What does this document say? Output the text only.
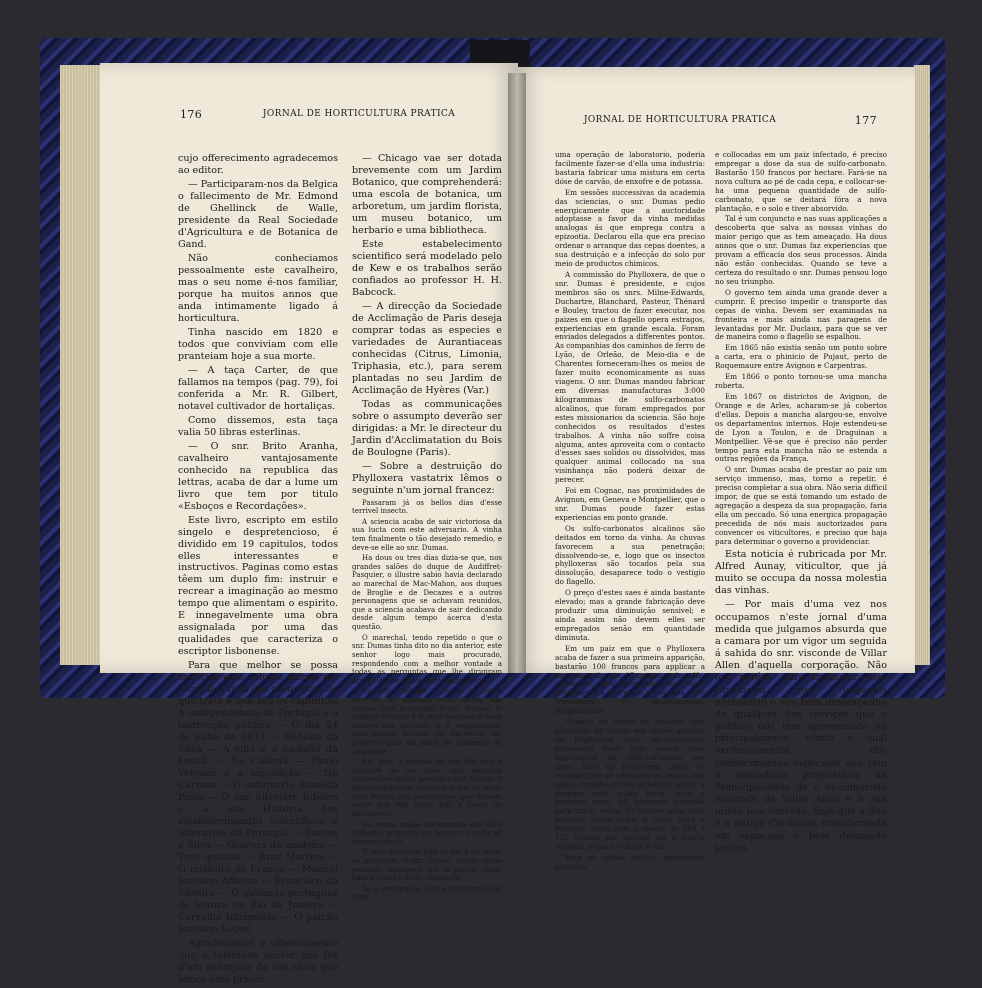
176	JORNAL DE HORTICULTURA PRATICA

cujo offerecimento agradecemos ao editor.

— Participaram-nos da Belgica o fallecimento de Mr. Edmond de Ghellinck de Walle, presidente da Real Sociedade d'Agricultura e de Botanica de Gand.

Não conheciamos pessoalmente este cavalheiro, mas o seu nome é-nos familiar, porque ha muitos annos que anda intimamente ligado á horticultura.

Tinha nascido em 1820 e todos que conviviam com elle pranteiam hoje a sua morte.

— A taça Carter, de que fallamos na tempos (pag. 79), foi conferida a Mr. R. Gilbert, notavel cultivador de hortaliças.

Como dissemos, esta taça valia 50 libras esterlinas.

— O snr. Brito Aranha, cavalheiro vantajosamente conhecido na republica das lettras, acaba de dar a lume um livro que tem por titulo «Esboços e Recordações».

Este livro, escripto em estilo singelo e despretencioso, é dividido em 19 capitulos, todos elles interessantes e instructivos. Paginas como estas têem um duplo fim: instruir e recrear a imaginação ao mesmo tempo que alimentam o espirito. E innegavelmente uma obra assignalada por uma das qualidades que caracteriza o escriptor lisbonense.

Para que melhor se possa apreciar este volume damos em seguida a lista dos assumptos de que trata e que são os capitulos: A independencia de Portugal e a instrucção publica — O dia 24 de julho de 1833 — Rebello da Silva — A villa e o castello da Louzã — Na Collegã — Paulo Veronez e a inquisição — No Cartaxo — O antiquario Almeida Pinto — O snr. Silvestre Ribeiro e a sua Historia dos estabelecimentos scientificos e litterarios de Portugal — Santos e Silva — Gravura de madeira — Tres quintas — Braz Martins — O instituto de França — Manoel Joaquim Affonso — Francisco da Silveira — O gabinete portuguez de leitura no Rio de Janeiro — Carvalho Intriguista — O patrão Joaquim Lopes.

Agradecemos o offerecimento que o talentoso auctor nos fez d'um exemplar da sua obra que lemos com prazer.

— Chicago vae ser dotada brevemente com um Jardim Botanico, que comprehenderá: uma escola de botanica, um arboretum, um jardim florista, um museu botanico, um herbario e uma bibliotheca.

Este estabelecimento scientifico será modelado pelo de Kew e os trabalhos serão confiados ao professor H. H. Babcock.

— A direcção da Sociedade de Acclimação de Paris deseja comprar todas as especies e variedades de Aurantiaceas conhecidas (Citrus, Limonia, Triphasia, etc.), para serem plantadas no seu Jardim de Acclimação de Hyères (Var.)

Todas as communicações sobre o assumpto deverão ser dirigidas: a Mr. le directeur du Jardin d'Acclimatation du Bois de Boulogne (Paris).

— Sobre a destruição do Phylloxera vastatrix lêmos o seguinte n'um jornal francez:

Passaram já os bellos dias d'esse terrivel insecto.

A sciencia acaba de sair victoriosa da sua lucta com este adversario. A vinha tem finalmente o tão desejado remedio, e deve-se elle ao snr. Dumas.

Ha dous ou tres dias dizia-se que, nos grandes salões do duque de Audiffret-Pasquier, o illustre sabio havia declarado ao marechal de Mac-Mahon, aos duques de Broglie e de Decazes e a outros personagens que se achavam reunidos, que a sciencia acabava de sair dedicando desde algum tempo ácerca d'esta questão.

O marechal, tendo repetido o que o snr. Dumas tinha dito no dia anterior, este senhor logo mais procurado, respondendo com a melhor vontade a todas as perguntas que lhe dirigiram ácerca d'este interessante assumpto.

Eu teria faltado a todos os meus deveres, se, sabendo estes factos, não tivesse logo procurado o snr. Dumas. O celebre chimico é o mais bondoso e mais amavel dos mortaes, e é seguramente uma grande fortuna não encontrar um pretexto para lhe pedir um momento de audiencia.

Eis, pois, o resumo do que elle teve a bondade de me dizer, com algumas correcções locais, porque o snr. Dumas é demasiadamente modesto, o que se sente pela leitura dos documentos que deixam supôr que elle tenha tido a honra da descoberta.

Ha certos quaes documentos até 1874 tinham o proposito de destruir a vinha ao mesmo tempo.

N'uma memoria, lida no dia 8 de junho na academia, o snr. Dumas reagiu então pedeiras vantagens que se podem pegar para a vinha o sulfo-carbonato.

Se a preparação d'esta substancia não fosse

JORNAL DE HORTICULTURA PRATICA	177

uma operação de laboratorio, poderia facilmente fazer-se d'ella uma industria: bastaria fabricar uma mistura em certa dóse de carvão, de enxofre e de potassa.

Em sessões successivas da academia das sciencias, o snr. Dumas pedio energicamente que a auctoridade adoptasse a favor da vinha medidas analogas ás que emprega contra a epizootia. Declarou ella que era preciso ordenar o arranque das cepas doentes, a sua destruição e a infecção do solo por meio de productos chimicos.

A commissão do Phylloxera, de que o snr. Dumas é presidente, e cujos membros são os snrs. Milne-Edwards, Duchartre, Blanchard, Pasteur, Thénard e Bouley, tractou de fazer executar, nos paizes em que o flagello opera estragos, experiencias em grande escala. Foram enviados delegados a differentes pontos. As companhias dos caminhos de ferro de Lyão, de Orleão, de Meio-dia e de Charentes forneceram-lhes os meios de fazer muito economicamente as suas viagens. O snr. Dumas mandou fabricar em diversas manufacturas 3:000 kilogrammas de sulfo-carbonatos alcalinos, que foram empregados por estes missionarios da sciencia. São hoje conhecidos os resultados d'estes trabalhos. A vinha não soffre coisa alguma, antes aproveita com o contacto d'esses saes solidos ou dissolvidos, mas qualquer animal collocado na sua visinhança não poderá deixar de perecer.

Foi em Cognac, nas proximidades de Avignon, em Geneva e Montpellier, que o snr. Dumas poude fazer estas experiencias em ponto grande.

Os sulfo-carbonatos alcalinos são deitados em torno da vinha. As chuvas favorecem a sua penetração; dissolvendo-se, e, logo que os insectos phylloxeras são tocados pela sua dissolução, desaparece todo o vestigio do flagello.

O preço d'estes saes é ainda bastante elevado; mas a grande fabricação deve produzir uma diminuição sensivel; e ainda assim não devem elles ser empregados senão em quantidade diminuta.

Em um paiz em que o Phylloxera acaba de fazer a sua primeira apparição, bastarão 100 francos para applicar a uma cepa, doente, 15 grammas de sulfo-carbonato; igual quantidade nas cepas proximas; e a que estão a sua roda, este tratamento é absolutamente insignificante.

Quando se tracte de renovar uma plantação de vinhas em região atacada do Phylloxera, será absolutamente necessario fazer pelo menos duas applicações de sulfo-carbonato por anno, uma na primavera, outra no outomno. Se se continuar as tratar tres annos durante os tres primeiros annos, a despeza será muito fraca: para o primeiro anno, 60 grammas bastarão para tratar todas. 20 francos para cada hectare, elevar-se-ha, o triplo para o terceiro, ainda com a media de 100 a 120 francos por hectare até á quarta colheita, e que a cultura é util.

Para as vinhas velhas, geralmente atacadas

e collocadas em um paiz infectado, é preciso empregar a dose da sua de sulfo-carbonato. Bastarão 150 francos por hectare. Fará-se na nova cultura ao pé de cada cepa, e collocar-se-ha uma pequena quantidade de sulfo-carbonato, que se deitará fóra a nova plantação, e o solo e tiver absorvido.

Tal é um conjuncto e nas suas applicações a descoberta que salva as nossas vinhas do maior perigo que as tem ameaçado. Ha dous annos que o snr. Dumas faz experiencias que provam a efficacia dos seus processos. Ainda não estão conhecidas. Quando se teve a certeza do resultado o snr. Dumas pensou logo no seu triunpho.

O governo tem ainda uma grande dever a cumprir. É preciso impedir o transporte das cepas de vinha. Devem ser examinadas na fronteira e mais ainda nas paragens de levantadas por Mr. Duclaux, para que se ver de maneira como o flagello se espalhou.

Em 1865 não existia senão um ponto sobre a carta, era o phinicio de Pujaut, perto de Roquemaure entre Avignon e Carpentras.

Em 1866 o ponto tornou-se uma mancha roberta.

Em 1867 os districtos de Avignon, de Orange e de Arles, acharam-se já cobertos d'ellas. Depois a mancha alargou-se, envolve os departamentos internos. Hoje estendeu-se de Lyon a Toulon, e de Draguinan a Montpellier. Vê-se que é preciso não perder tempo para esta mancha não se estenda a outras regiões da França.

O snr. Dumas acaba de prestar ao paiz um serviço immenso, mas, torno a repetir, é preciso completar a sua obra. Não seria difficil impor, de que se está tomando um estado de agregação a despeza da sua propagação, faria ella um peccado. Só uma energica propagação precedida de nós mais auctorizados para convencer os viticultores, e preciso que haja para determinar o governo a providenciar.

Esta noticia é rubricada por Mr. Alfred Aunay, viticultor, que já muito se occupa da nossa molestia das vinhas.

— Por mais d'uma vez nos occupamos n'este jornal d'uma medida que julgamos absurda que a camara por um vigor um seguida á sahida do snr. visconde de Villar Allen d'aquella corporação. Não foi, porém, para lisongear este cavalheiro que julgamos necessario o seu bom desempenho de qualquer dos serviços que o publico nos tem apresentado na principalmente, sendo o qual exclusivamente, dos conhecimentos especiaes que tem o verdadeiro proprietario da Municipalidade de o ex-camarista visconde de Villar Allen e a sua muito boa vontade, hoje que a Sua e a antiga Cordoaria transformada em espaçoso e bem delineado jardim.
